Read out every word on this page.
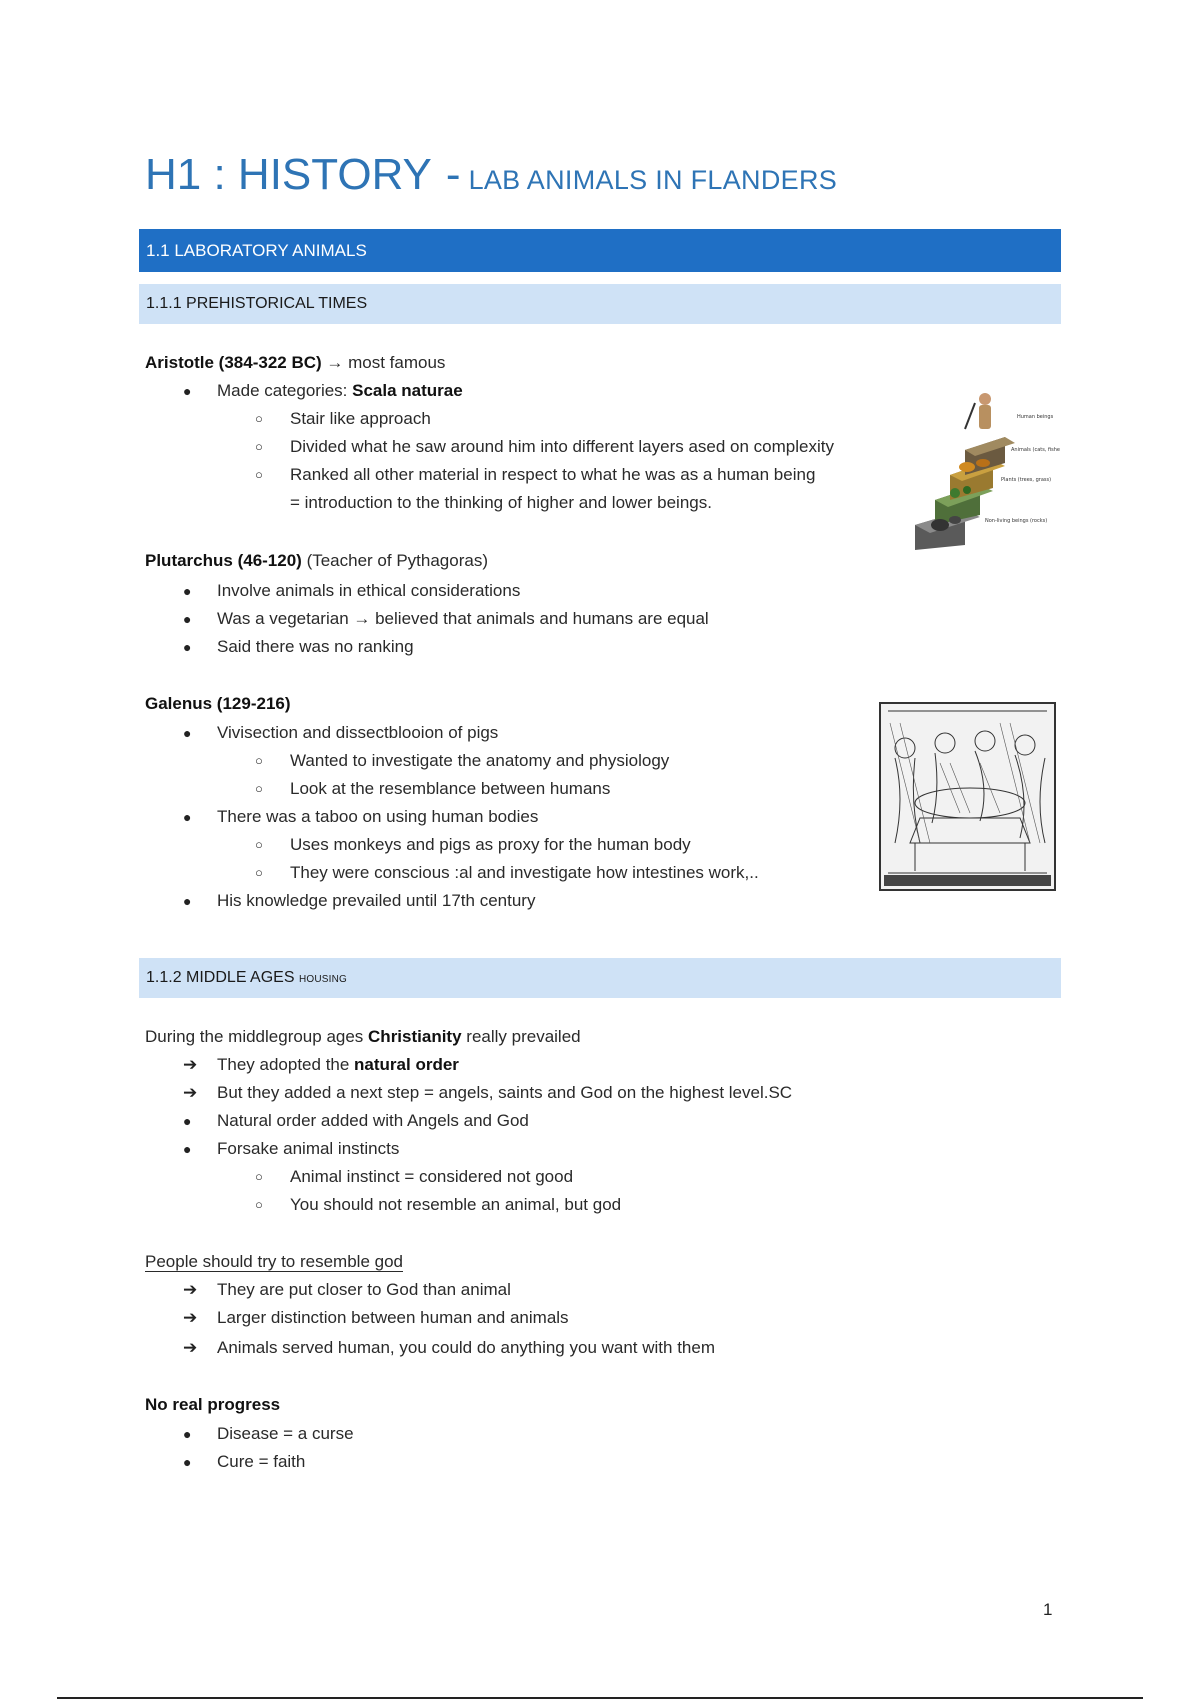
H1 : HISTORY - LAB ANIMALS IN FLANDERS
1.1 LABORATORY ANIMALS
1.1.1 PREHISTORICAL TIMES
Aristotle (384-322 BC) → most famous
● Made categories: Scala naturae
○ Stair like approach
○ Divided what he saw around him into different layers ased on complexity
○ Ranked all other material in respect to what he was as a human being
= introduction to the thinking of higher and lower beings.
Human beings
Animals (cats, fishe
Plants (trees, grass)
Non-living beings (rocks)
Plutarchus (46-120) (Teacher of Pythagoras)
● Involve animals in ethical considerations
● Was a vegetarian → believed that animals and humans are equal
● Said there was no ranking
Galenus (129-216)
● Vivisection and dissectblooion of pigs
○ Wanted to investigate the anatomy and physiology
○ Look at the resemblance between humans
● There was a taboo on using human bodies
○ Uses monkeys and pigs as proxy for the human body
○ They were conscious :al and investigate how intestines work,..
● His knowledge prevailed until 17th century
1.1.2 MIDDLE AGES HOUSING
During the middlegroup ages Christianity really prevailed
➔ They adopted the natural order
➔ But they added a next step = angels, saints and God on the highest level.SC
● Natural order added with Angels and God
● Forsake animal instincts
○ Animal instinct = considered not good
○ You should not resemble an animal, but god
People should try to resemble god
➔ They are put closer to God than animal
➔ Larger distinction between human and animals
➔ Animals served human, you could do anything you want with them
No real progress
● Disease = a curse
● Cure = faith
1
